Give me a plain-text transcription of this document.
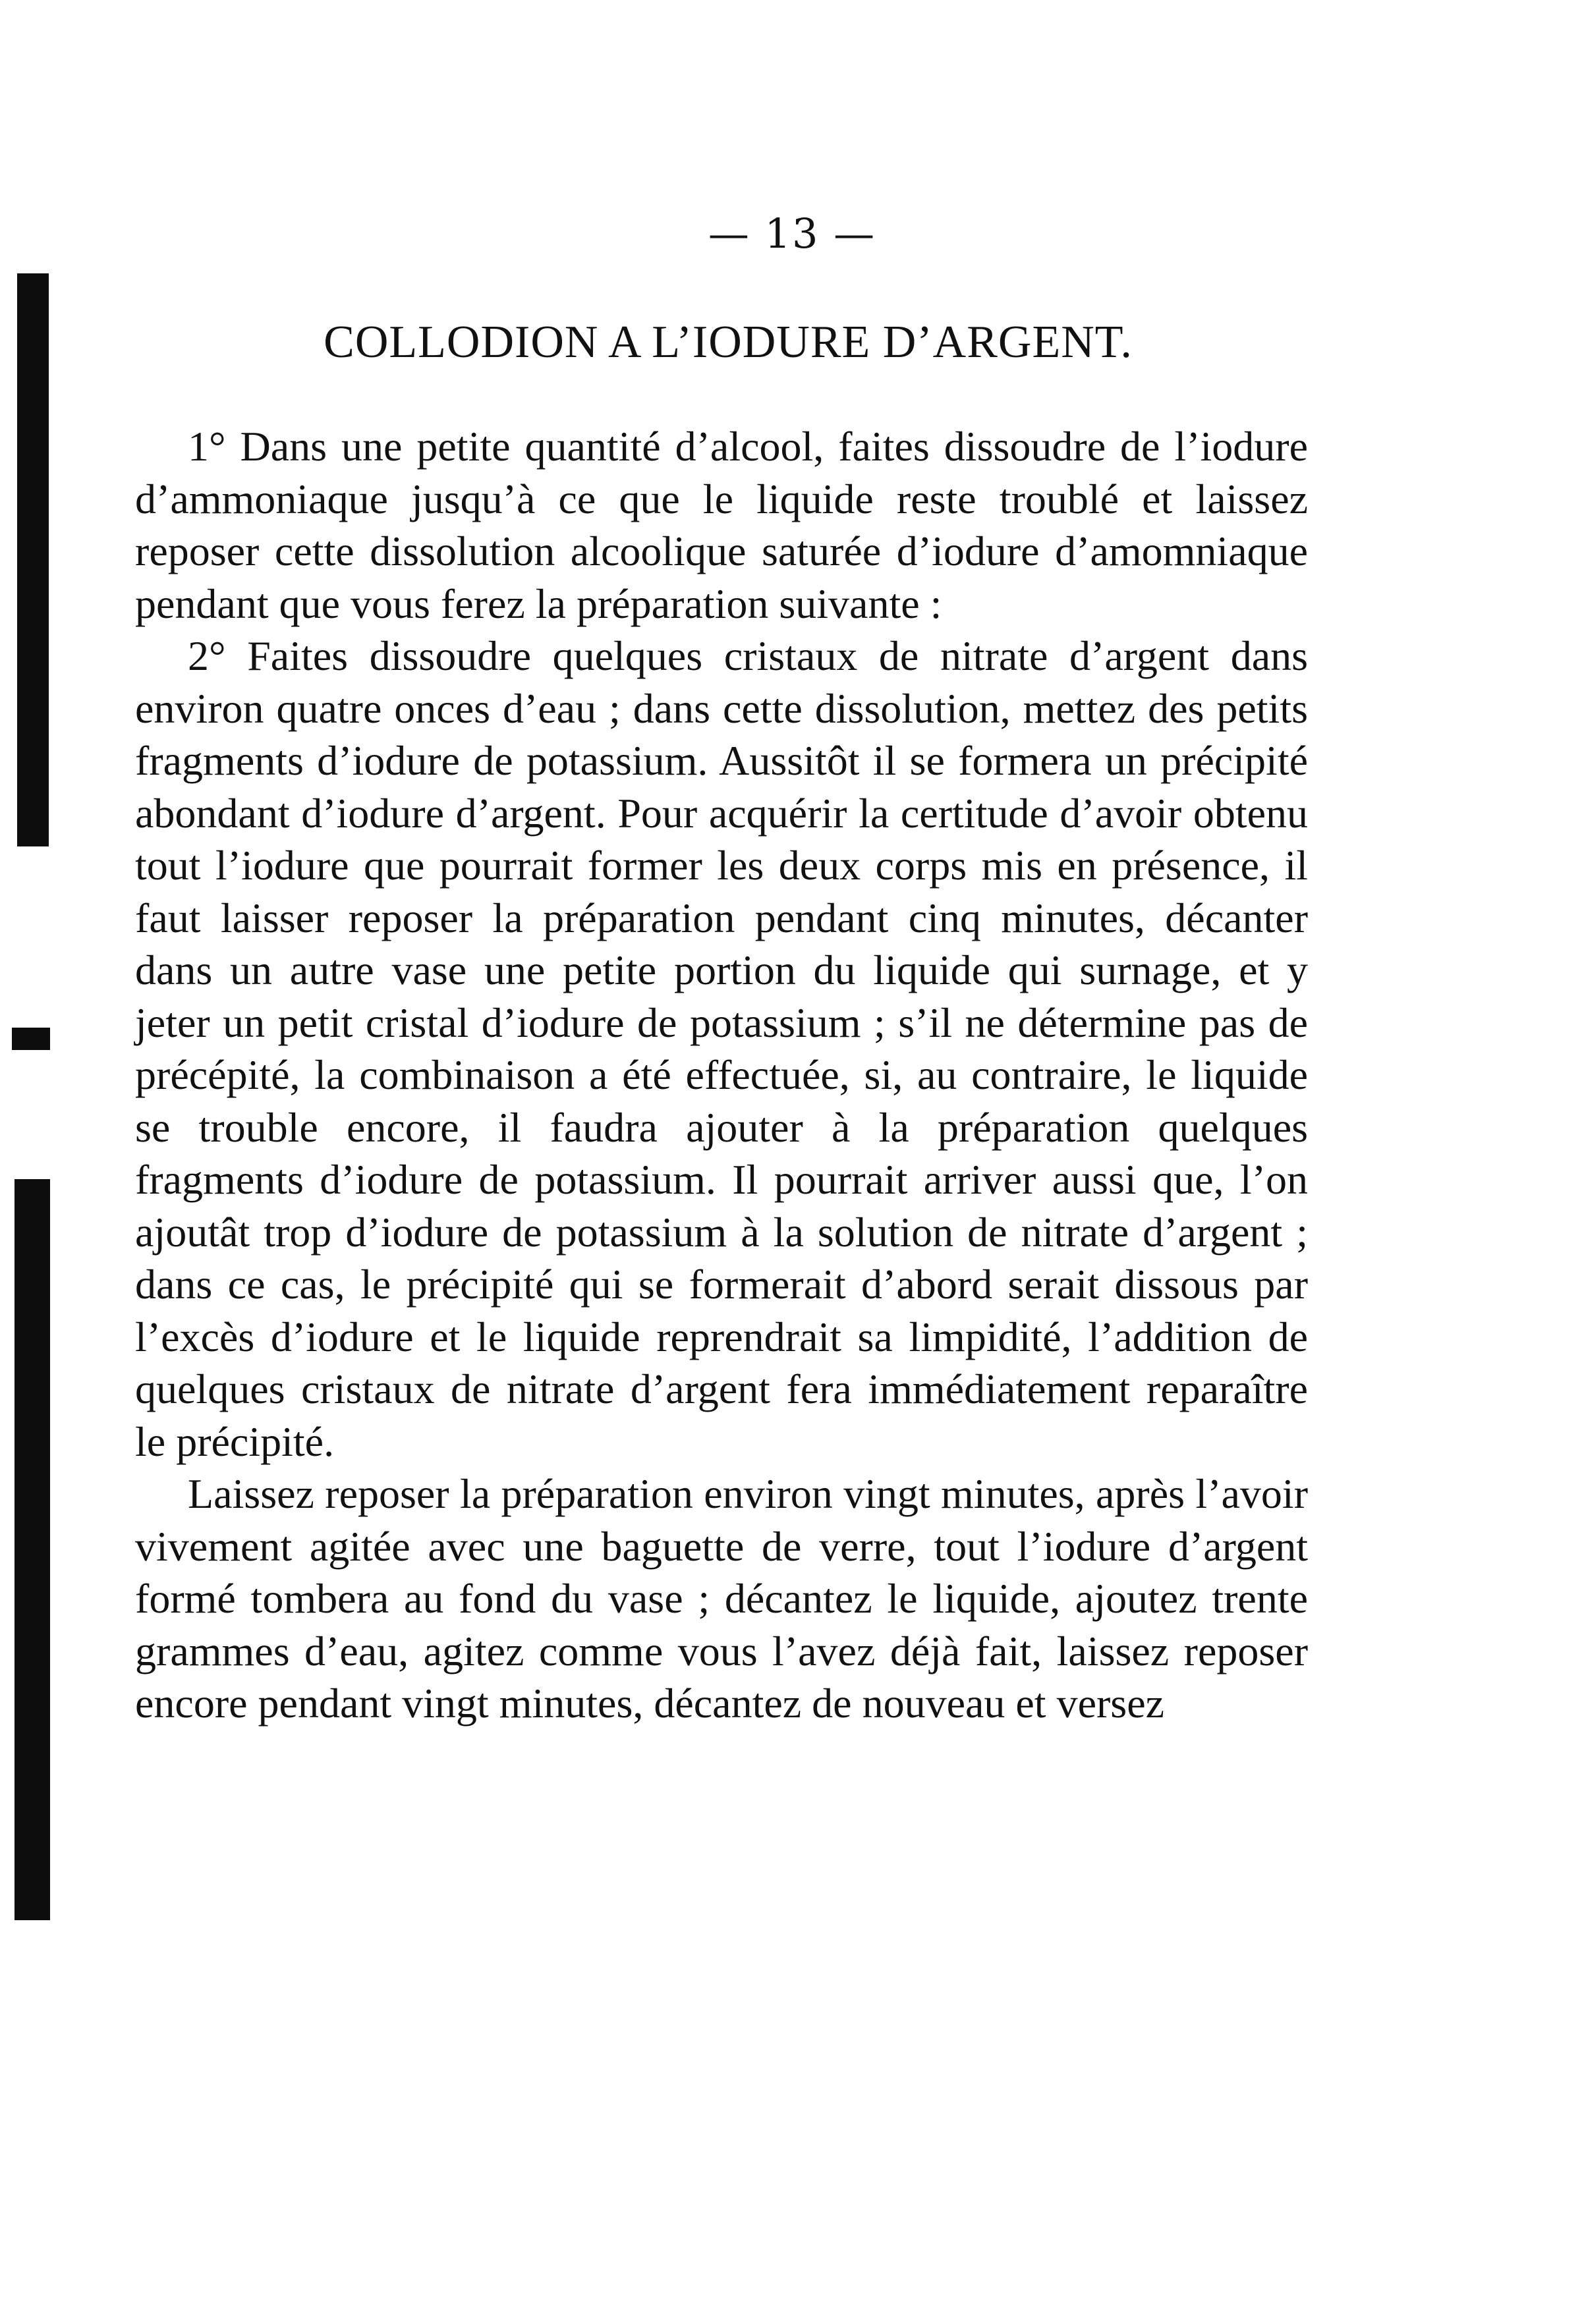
— 13 —
COLLODION A L’IODURE D’ARGENT.

1° Dans une petite quantité d’alcool, faites dissoudre de l’iodure d’ammoniaque jusqu’à ce que le liquide reste troublé et laissez reposer cette dissolution alcoolique saturée d’iodure d’amomniaque pendant que vous ferez la préparation suivante :

2° Faites dissoudre quelques cristaux de nitrate d’argent dans environ quatre onces d’eau ; dans cette dissolution, mettez des petits fragments d’iodure de potassium. Aussitôt il se formera un précipité abondant d’iodure d’argent. Pour acquérir la certitude d’avoir obtenu tout l’iodure que pourrait former les deux corps mis en présence, il faut laisser reposer la préparation pendant cinq minutes, décanter dans un autre vase une petite portion du liquide qui surnage, et y jeter un petit cristal d’iodure de potassium ; s’il ne détermine pas de précépité, la combinaison a été effectuée, si, au contraire, le liquide se trouble encore, il faudra ajouter à la préparation quelques fragments d’iodure de potassium. Il pourrait arriver aussi que, l’on ajoutât trop d’iodure de potassium à la solution de nitrate d’argent ; dans ce cas, le précipité qui se formerait d’abord serait dissous par l’excès d’iodure et le liquide reprendrait sa limpidité, l’addition de quelques cristaux de nitrate d’argent fera immédiatement reparaître le précipité.

Laissez reposer la préparation environ vingt minutes, après l’avoir vivement agitée avec une baguette de verre, tout l’iodure d’argent formé tombera au fond du vase ; décantez le liquide, ajoutez trente grammes d’eau, agitez comme vous l’avez déjà fait, laissez reposer encore pendant vingt minutes, décantez de nouveau et versez
